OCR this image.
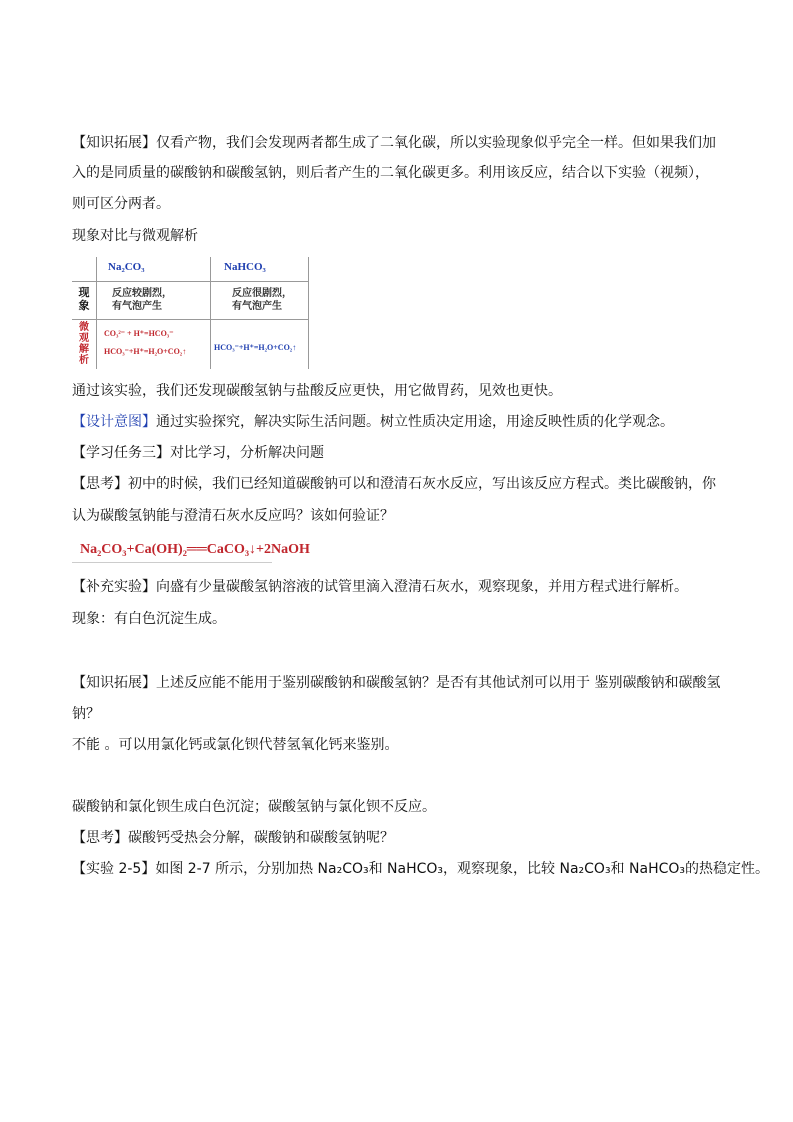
【知识拓展】仅看产物，我们会发现两者都生成了二氧化碳，所以实验现象似乎完全一样。但如果我们加
入的是同质量的碳酸钠和碳酸氢钠，则后者产生的二氧化碳更多。利用该反应，结合以下实验（视频），
则可区分两者。
现象对比与微观解析
Na₂CO₃	NaHCO₃
现象
反应较剧烈，
有气泡产生
反应很剧烈，
有气泡产生
微观解析
CO₃²⁻ + H⁺=HCO₃⁻
HCO₃⁻+H⁺=H₂O+CO₂↑	HCO₃⁻+H⁺=H₂O+CO₂↑
通过该实验，我们还发现碳酸氢钠与盐酸反应更快，用它做胃药，见效也更快。
【设计意图】通过实验探究，解决实际生活问题。树立性质决定用途，用途反映性质的化学观念。
【学习任务三】对比学习，分析解决问题
【思考】初中的时候，我们已经知道碳酸钠可以和澄清石灰水反应，写出该反应方程式。类比碳酸钠，你
认为碳酸氢钠能与澄清石灰水反应吗？该如何验证？
Na₂CO₃+Ca(OH)₂══CaCO₃↓+2NaOH
【补充实验】向盛有少量碳酸氢钠溶液的试管里滴入澄清石灰水，观察现象，并用方程式进行解析。
现象：有白色沉淀生成。
【知识拓展】上述反应能不能用于鉴别碳酸钠和碳酸氢钠？是否有其他试剂可以用于 鉴别碳酸钠和碳酸氢
钠？
不能 。可以用氯化钙或氯化钡代替氢氧化钙来鉴别。
碳酸钠和氯化钡生成白色沉淀；碳酸氢钠与氯化钡不反应。
【思考】碳酸钙受热会分解，碳酸钠和碳酸氢钠呢？
【实验 2-5】如图 2-7 所示，分别加热 Na₂CO₃和 NaHCO₃，观察现象，比较 Na₂CO₃和 NaHCO₃的热稳定性。
